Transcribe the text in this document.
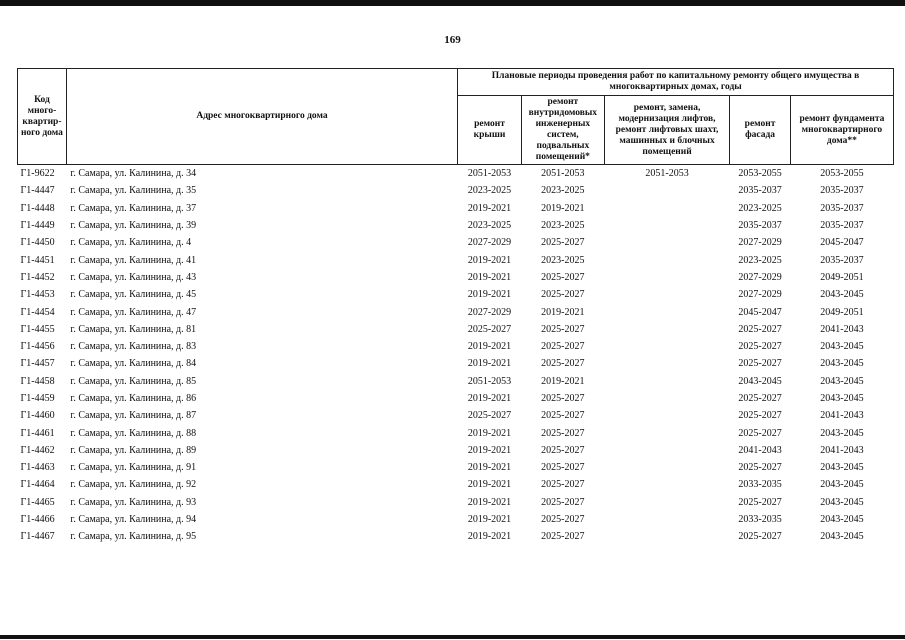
169
Код много-квартир-ного дома	Адрес многоквартирного дома	Плановые периоды проведения работ по капитальному ремонту общего имущества в многоквартирных домах, годы				
		ремонт крыши	ремонт внутридомовых инженерных систем, подвальных помещений*	ремонт, замена, модернизация лифтов, ремонт лифтовых шахт, машинных и блочных помещений	ремонт фасада	ремонт фундамента многоквартирного дома**
Г1-9622	г. Самара, ул. Калинина, д. 34	2051-2053	2051-2053	2051-2053	2053-2055	2053-2055
Г1-4447	г. Самара, ул. Калинина, д. 35	2023-2025	2023-2025		2035-2037	2035-2037
Г1-4448	г. Самара, ул. Калинина, д. 37	2019-2021	2019-2021		2023-2025	2035-2037
Г1-4449	г. Самара, ул. Калинина, д. 39	2023-2025	2023-2025		2035-2037	2035-2037
Г1-4450	г. Самара, ул. Калинина, д. 4	2027-2029	2025-2027		2027-2029	2045-2047
Г1-4451	г. Самара, ул. Калинина, д. 41	2019-2021	2023-2025		2023-2025	2035-2037
Г1-4452	г. Самара, ул. Калинина, д. 43	2019-2021	2025-2027		2027-2029	2049-2051
Г1-4453	г. Самара, ул. Калинина, д. 45	2019-2021	2025-2027		2027-2029	2043-2045
Г1-4454	г. Самара, ул. Калинина, д. 47	2027-2029	2019-2021		2045-2047	2049-2051
Г1-4455	г. Самара, ул. Калинина, д. 81	2025-2027	2025-2027		2025-2027	2041-2043
Г1-4456	г. Самара, ул. Калинина, д. 83	2019-2021	2025-2027		2025-2027	2043-2045
Г1-4457	г. Самара, ул. Калинина, д. 84	2019-2021	2025-2027		2025-2027	2043-2045
Г1-4458	г. Самара, ул. Калинина, д. 85	2051-2053	2019-2021		2043-2045	2043-2045
Г1-4459	г. Самара, ул. Калинина, д. 86	2019-2021	2025-2027		2025-2027	2043-2045
Г1-4460	г. Самара, ул. Калинина, д. 87	2025-2027	2025-2027		2025-2027	2041-2043
Г1-4461	г. Самара, ул. Калинина, д. 88	2019-2021	2025-2027		2025-2027	2043-2045
Г1-4462	г. Самара, ул. Калинина, д. 89	2019-2021	2025-2027		2041-2043	2041-2043
Г1-4463	г. Самара, ул. Калинина, д. 91	2019-2021	2025-2027		2025-2027	2043-2045
Г1-4464	г. Самара, ул. Калинина, д. 92	2019-2021	2025-2027		2033-2035	2043-2045
Г1-4465	г. Самара, ул. Калинина, д. 93	2019-2021	2025-2027		2025-2027	2043-2045
Г1-4466	г. Самара, ул. Калинина, д. 94	2019-2021	2025-2027		2033-2035	2043-2045
Г1-4467	г. Самара, ул. Калинина, д. 95	2019-2021	2025-2027		2025-2027	2043-2045
